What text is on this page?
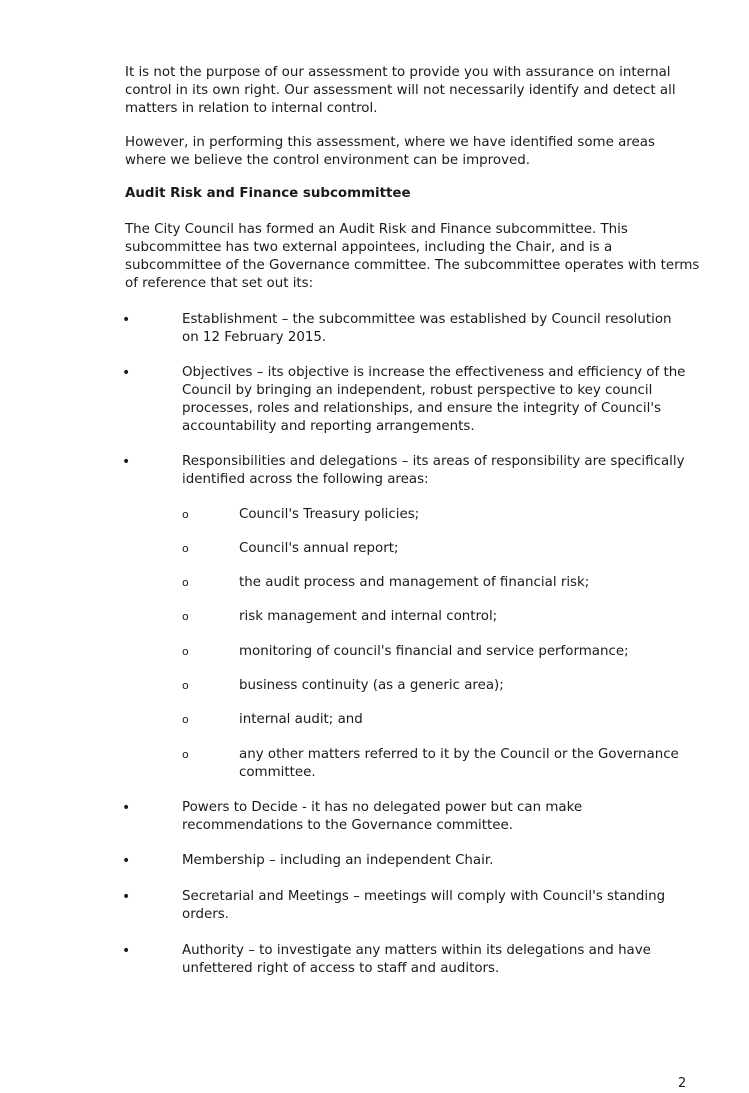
It is not the purpose of our assessment to provide you with assurance on internal control in its own right. Our assessment will not necessarily identify and detect all matters in relation to internal control.

However, in performing this assessment, where we have identified some areas where we believe the control environment can be improved.

Audit Risk and Finance subcommittee

The City Council has formed an Audit Risk and Finance subcommittee. This subcommittee has two external appointees, including the Chair, and is a subcommittee of the Governance committee. The subcommittee operates with terms of reference that set out its:

•	Establishment – the subcommittee was established by Council resolution on 12 February 2015.
•	Objectives – its objective is increase the effectiveness and efficiency of the Council by bringing an independent, robust perspective to key council processes, roles and relationships, and ensure the integrity of Council's accountability and reporting arrangements.
•	Responsibilities and delegations – its areas of responsibility are specifically identified across the following areas:
o	Council's Treasury policies;
o	Council's annual report;
o	the audit process and management of financial risk;
o	risk management and internal control;
o	monitoring of council's financial and service performance;
o	business continuity (as a generic area);
o	internal audit; and
o	any other matters referred to it by the Council or the Governance committee.
•	Powers to Decide - it has no delegated power but can make recommendations to the Governance committee.
•	Membership – including an independent Chair.
•	Secretarial and Meetings – meetings will comply with Council's standing orders.
•	Authority – to investigate any matters within its delegations and have unfettered right of access to staff and auditors.
2
